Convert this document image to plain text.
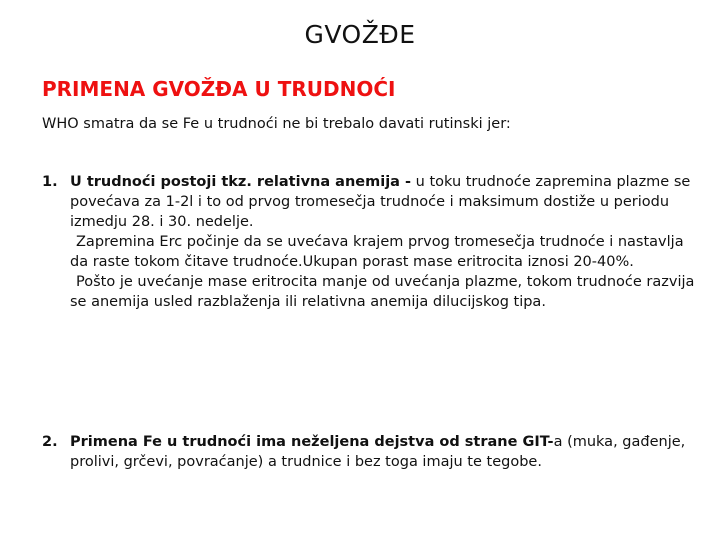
GVOŽĐE
PRIMENA GVOŽĐA U TRUDNOĆI

WHO smatra da se Fe u trudnoći ne bi trebalo davati rutinski jer:

1. U trudnoći postoji tkz. relativna anemija - u toku trudnoće zapremina plazme se povećava za 1-2l i to od prvog tromesečja trudnoće i maksimum dostiže u periodu izmedju 28. i 30. nedelje.

Zapremina Erc počinje da se uvećava krajem prvog tromesečja trudnoće i nastavlja da raste tokom čitave trudnoće.Ukupan porast mase eritrocita iznosi 20-40%.

Pošto je uvećanje mase eritrocita manje od uvećanja plazme, tokom trudnoće razvija se anemija usled razblaženja ili relativna anemija dilucijskog tipa.

2. Primena Fe u trudnoći ima neželjena dejstva od strane GIT-a (muka, gađenje, prolivi, grčevi, povraćanje) a trudnice i bez toga imaju te tegobe.
